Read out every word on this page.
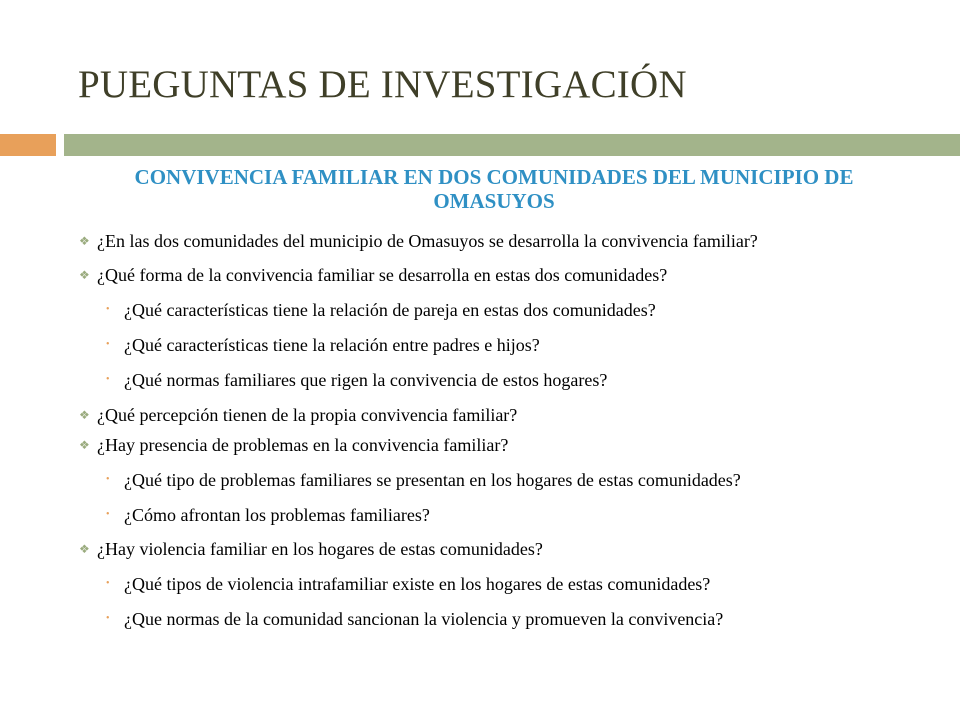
PUEGUNTAS DE INVESTIGACIÓN
CONVIVENCIA FAMILIAR EN DOS COMUNIDADES DEL MUNICIPIO DE OMASUYOS
❖ ¿En las dos comunidades del municipio de Omasuyos se desarrolla la convivencia familiar?
❖ ¿Qué forma de la convivencia familiar se desarrolla en estas dos comunidades?
• ¿Qué características tiene la relación de pareja en estas dos comunidades?
• ¿Qué características tiene la relación entre padres e hijos?
• ¿Qué normas familiares que rigen la convivencia de estos hogares?
❖ ¿Qué percepción tienen de la propia convivencia familiar?
❖ ¿Hay presencia de problemas en la convivencia familiar?
• ¿Qué tipo de problemas familiares se presentan en los hogares de estas comunidades?
• ¿Cómo afrontan los problemas familiares?
❖ ¿Hay violencia familiar en los hogares de estas comunidades?
• ¿Qué tipos de violencia intrafamiliar existe en los hogares de estas comunidades?
• ¿Que normas de la comunidad sancionan la violencia y promueven la convivencia?
